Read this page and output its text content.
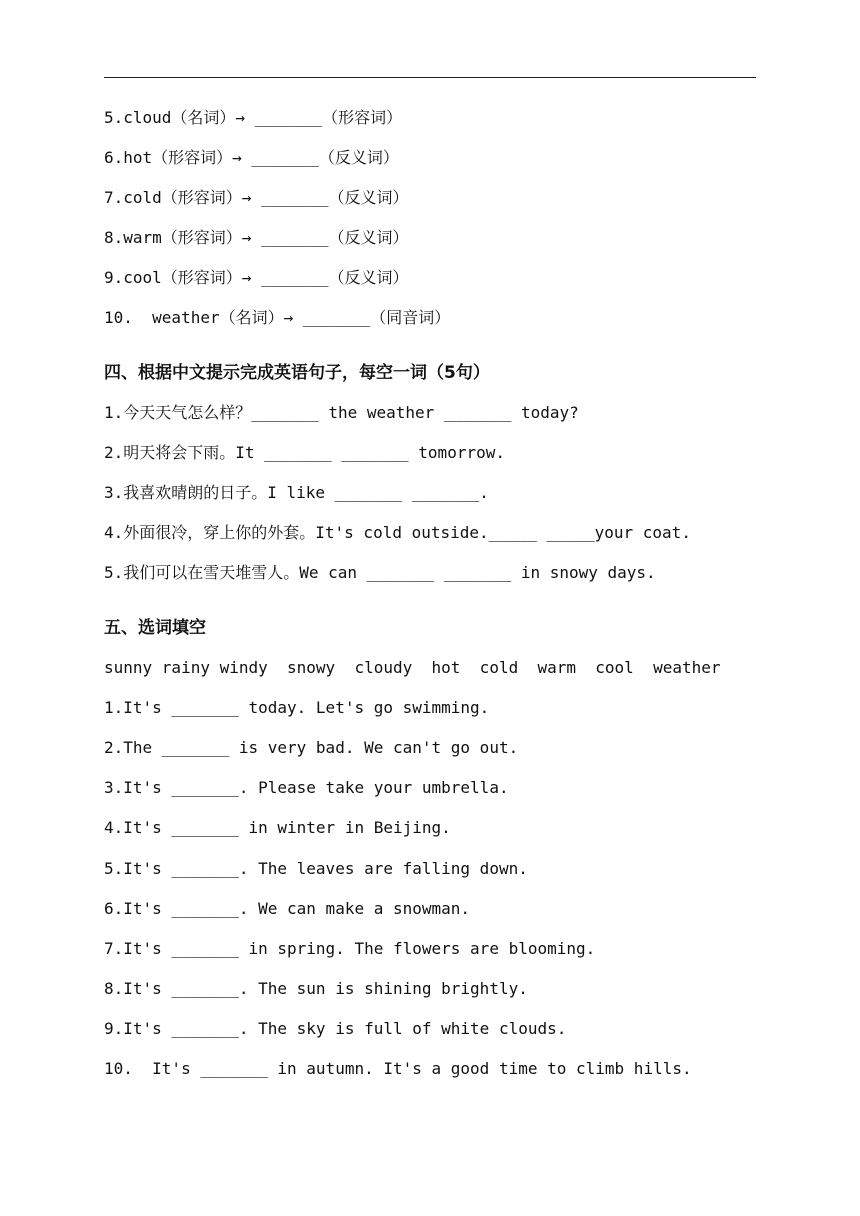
5.cloud（名词）→ _______（形容词）
6.hot（形容词）→ _______（反义词）
7.cold（形容词）→ _______（反义词）
8.warm（形容词）→ _______（反义词）
9.cool（形容词）→ _______（反义词）
10.  weather（名词）→ _______（同音词）
四、根据中文提示完成英语句子，每空一词（5句）
1.今天天气怎么样？_______ the weather _______ today?
2.明天将会下雨。It _______ _______ tomorrow.
3.我喜欢晴朗的日子。I like _______ _______.
4.外面很冷，穿上你的外套。It's cold outside._____ _____your coat.
5.我们可以在雪天堆雪人。We can _______ _______ in snowy days.
五、选词填空
sunny rainy windy  snowy  cloudy  hot  cold  warm  cool  weather
1.It's _______ today. Let's go swimming.
2.The _______ is very bad. We can't go out.
3.It's _______. Please take your umbrella.
4.It's _______ in winter in Beijing.
5.It's _______. The leaves are falling down.
6.It's _______. We can make a snowman.
7.It's _______ in spring. The flowers are blooming.
8.It's _______. The sun is shining brightly.
9.It's _______. The sky is full of white clouds.
10.  It's _______ in autumn. It's a good time to climb hills.
